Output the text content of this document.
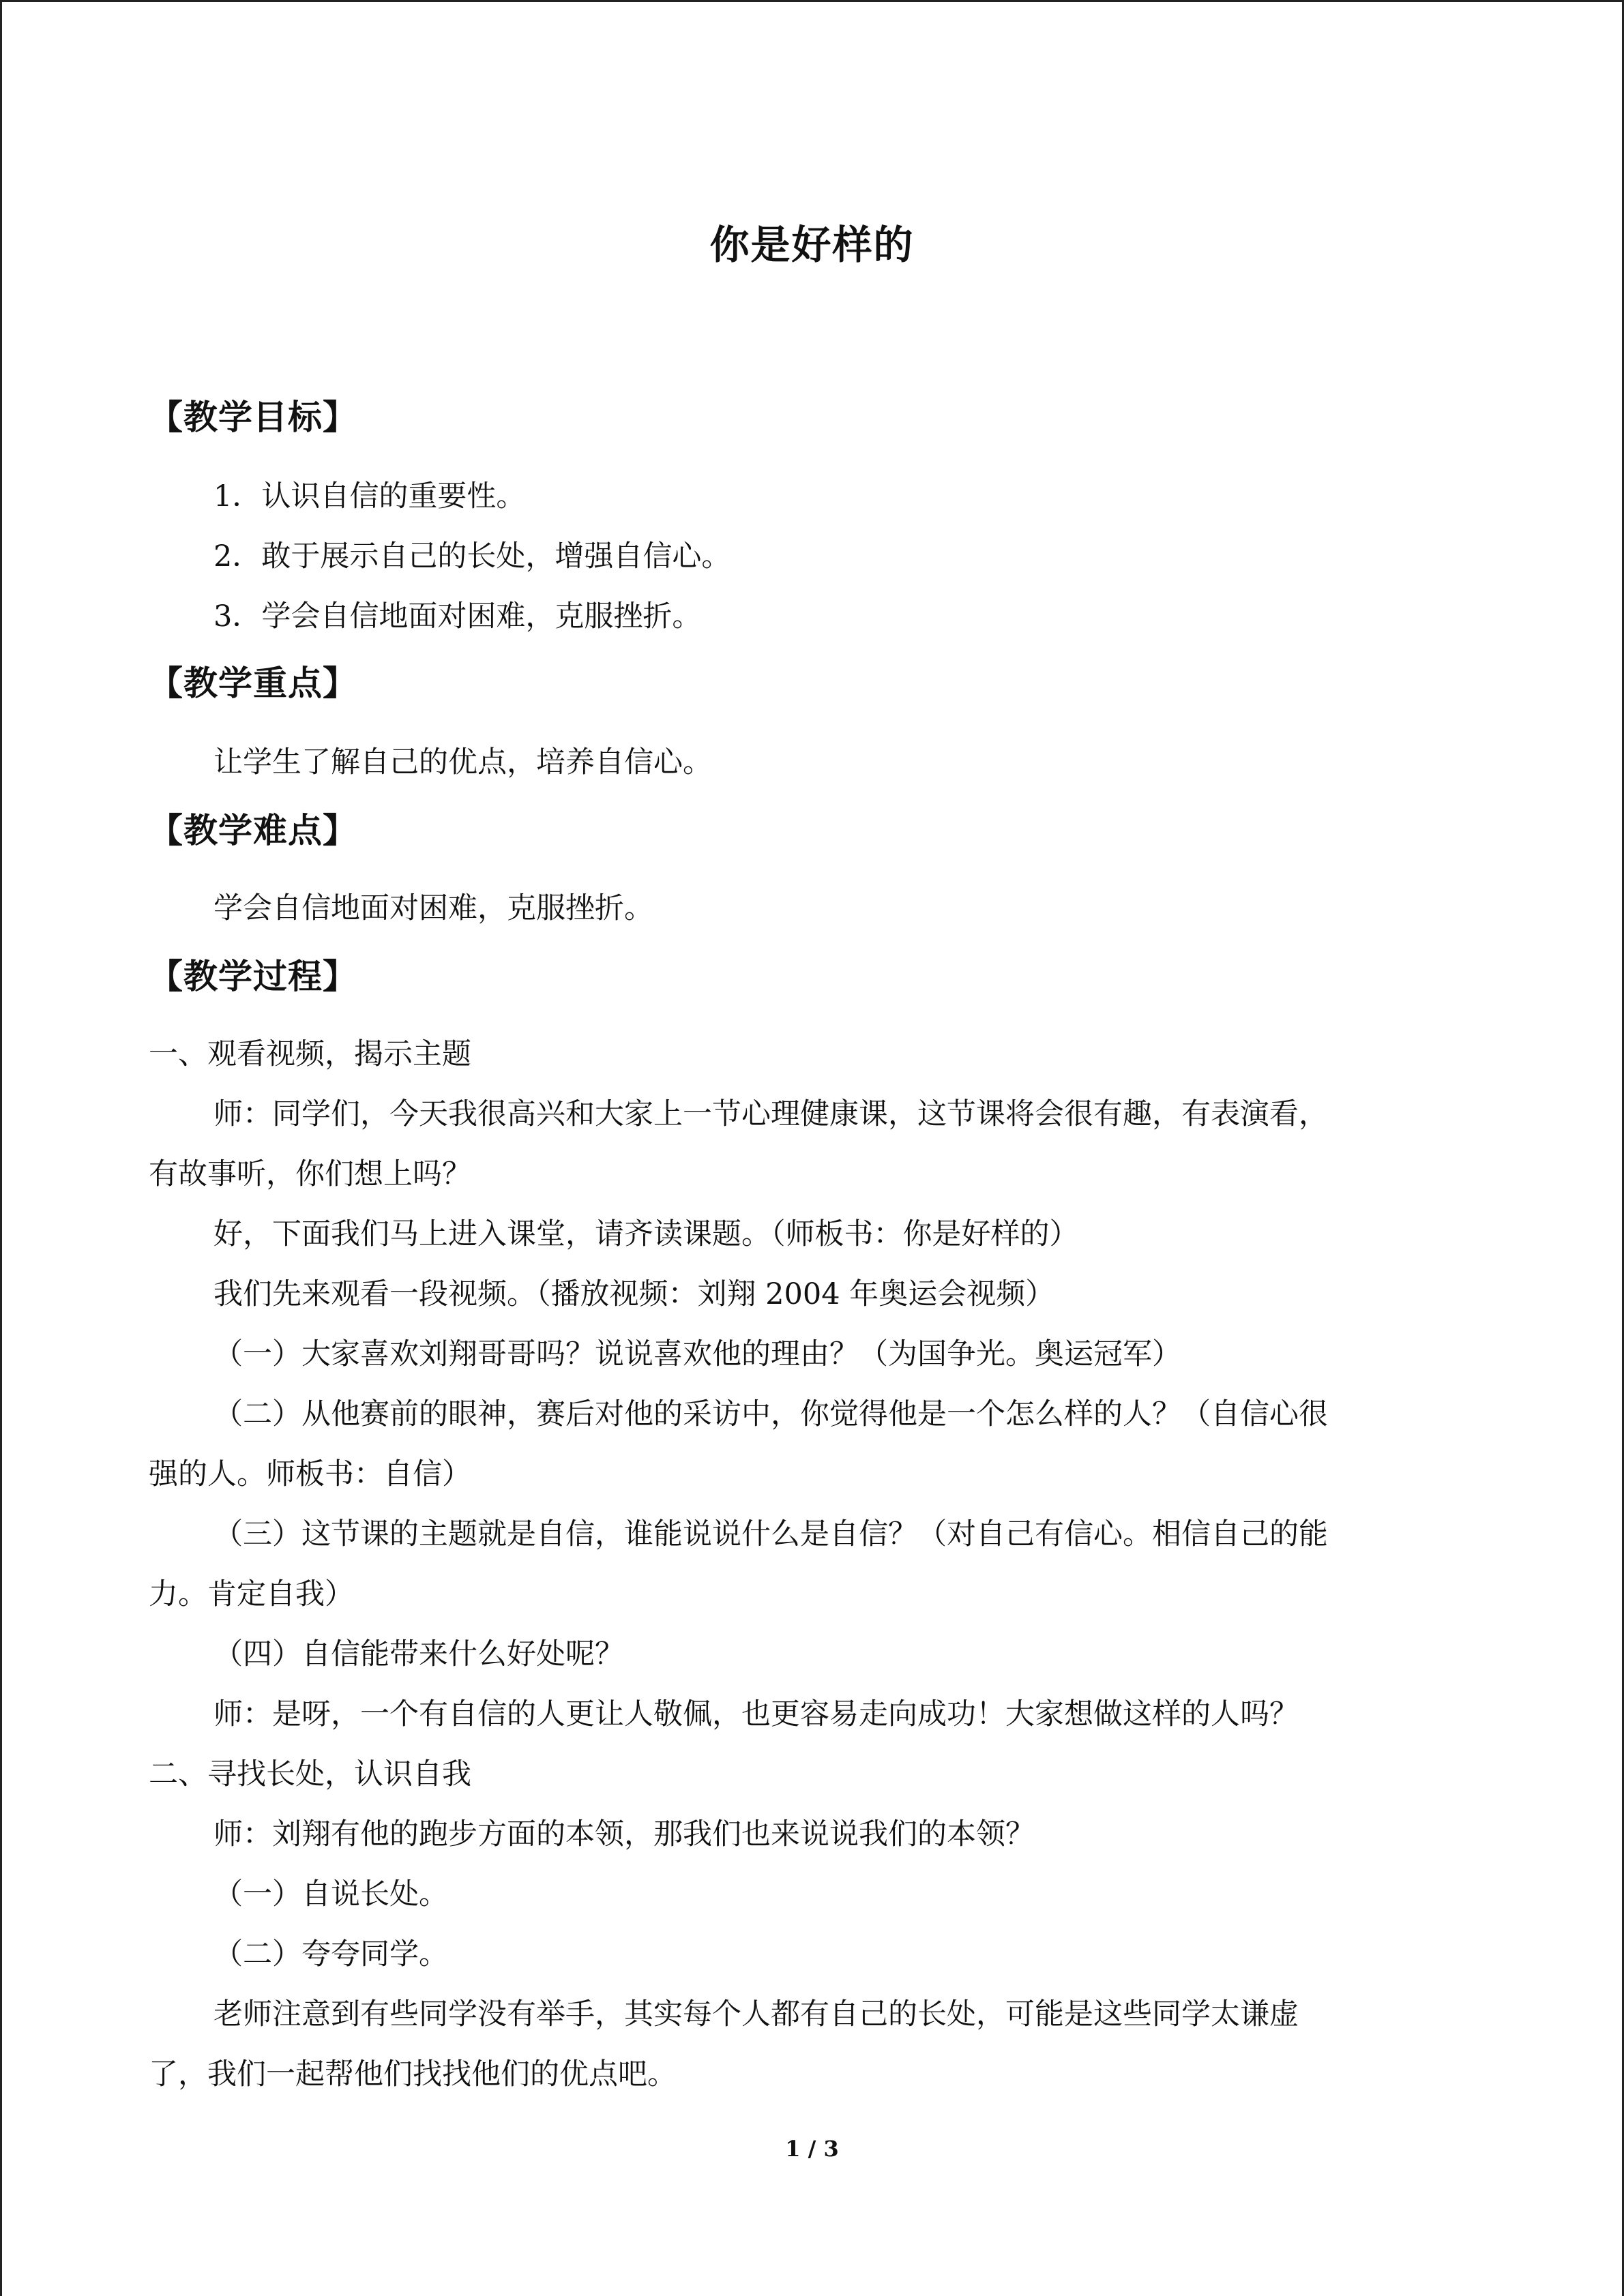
你是好样的
【教学目标】
1．认识自信的重要性。
2．敢于展示自己的长处，增强自信心。
3．学会自信地面对困难，克服挫折。
【教学重点】
让学生了解自己的优点，培养自信心。
【教学难点】
学会自信地面对困难，克服挫折。
【教学过程】
一、观看视频，揭示主题
师：同学们，今天我很高兴和大家上一节心理健康课，这节课将会很有趣，有表演看，
有故事听，你们想上吗？
好，下面我们马上进入课堂，请齐读课题。（师板书：你是好样的）
我们先来观看一段视频。（播放视频：刘翔 2004 年奥运会视频）
（一）大家喜欢刘翔哥哥吗？说说喜欢他的理由？（为国争光。奥运冠军）
（二）从他赛前的眼神，赛后对他的采访中，你觉得他是一个怎么样的人？（自信心很
强的人。师板书：自信）
（三）这节课的主题就是自信，谁能说说什么是自信？（对自己有信心。相信自己的能
力。肯定自我）
（四）自信能带来什么好处呢？
师：是呀，一个有自信的人更让人敬佩，也更容易走向成功！大家想做这样的人吗？
二、寻找长处，认识自我
师：刘翔有他的跑步方面的本领，那我们也来说说我们的本领？
（一）自说长处。
（二）夸夸同学。
老师注意到有些同学没有举手，其实每个人都有自己的长处，可能是这些同学太谦虚
了，我们一起帮他们找找他们的优点吧。
1 / 3
